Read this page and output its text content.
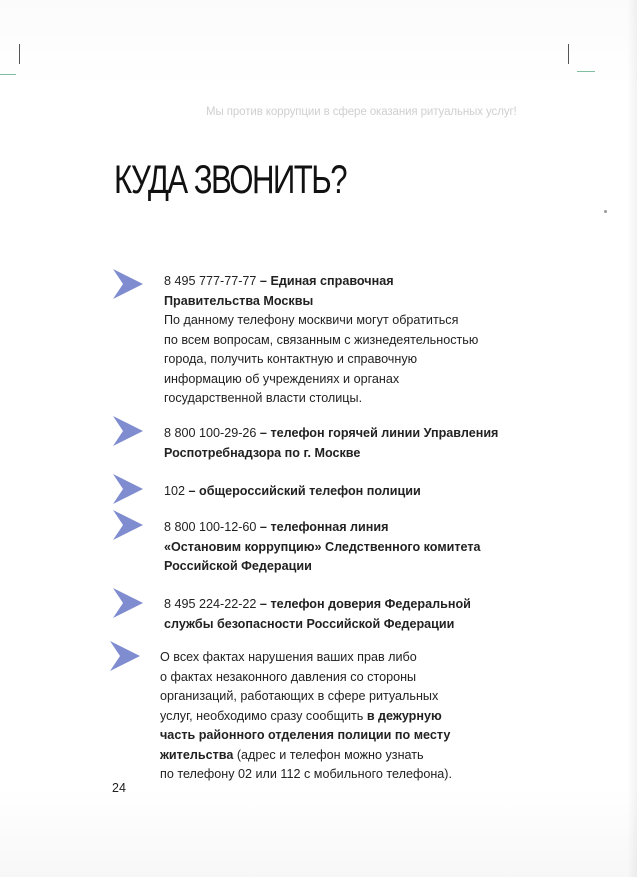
Мы против коррупции в сфере оказания ритуальных услуг!
КУДА ЗВОНИТЬ?
8 495 777-77-77 – Единая справочная
Правительства Москвы
По данному телефону москвичи могут обратиться
по всем вопросам, связанным с жизнедеятельностью
города, получить контактную и справочную
информацию об учреждениях и органах
государственной власти столицы.
8 800 100-29-26 – телефон горячей линии Управления
Роспотребнадзора по г. Москве
102 – общероссийский телефон полиции
8 800 100-12-60 – телефонная линия
«Остановим коррупцию» Следственного комитета
Российской Федерации
8 495 224-22-22 – телефон доверия Федеральной
службы безопасности Российской Федерации
О всех фактах нарушения ваших прав либо
о фактах незаконного давления со стороны
организаций, работающих в сфере ритуальных
услуг, необходимо сразу сообщить в дежурную
часть районного отделения полиции по месту
жительства (адрес и телефон можно узнать
по телефону 02 или 112 с мобильного телефона).
24
